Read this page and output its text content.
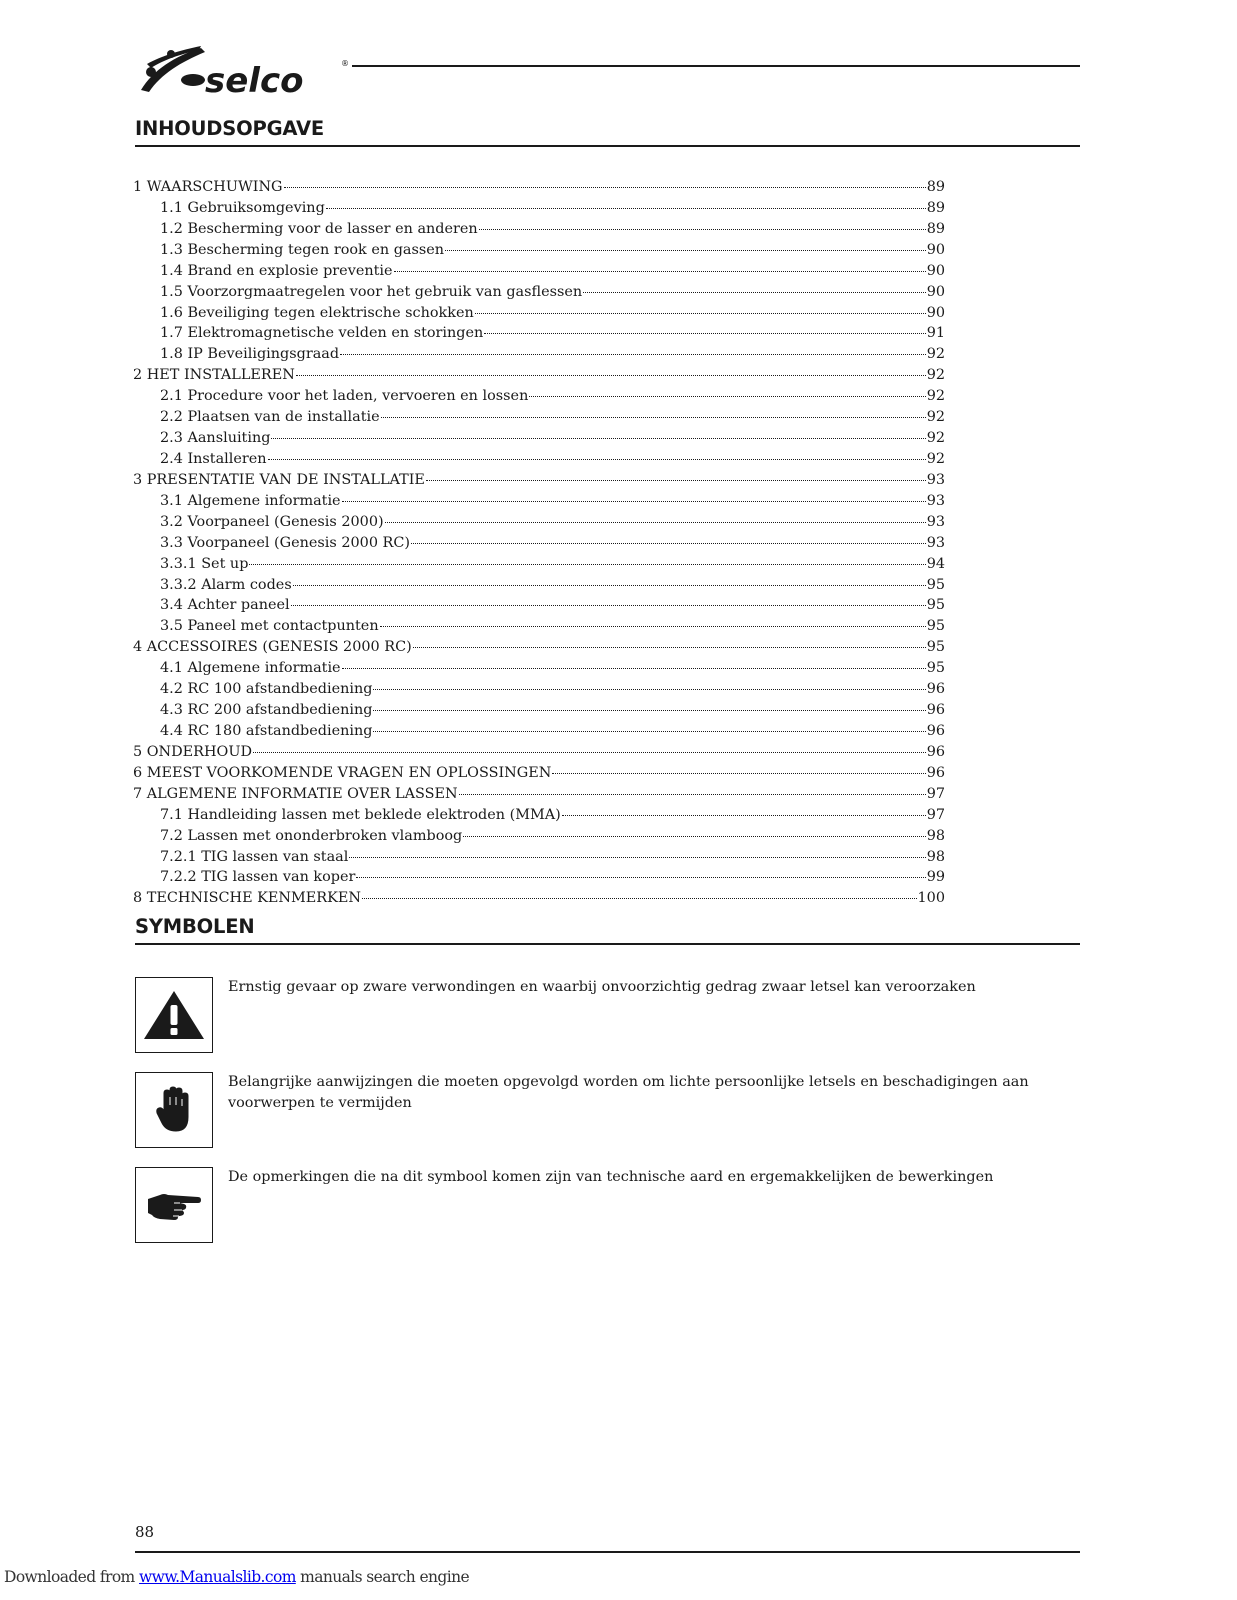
selco	®
INHOUDSOPGAVE
1 WAARSCHUWING	89
1.1 Gebruiksomgeving	89
1.2 Bescherming voor de lasser en anderen	89
1.3 Bescherming tegen rook en gassen	90
1.4 Brand en explosie preventie	90
1.5 Voorzorgmaatregelen voor het gebruik van gasflessen	90
1.6 Beveiliging tegen elektrische schokken	90
1.7 Elektromagnetische velden en storingen	91
1.8 IP Beveiligingsgraad	92
2 HET INSTALLEREN	92
2.1 Procedure voor het laden, vervoeren en lossen	92
2.2 Plaatsen van de installatie	92
2.3 Aansluiting	92
2.4 Installeren	92
3 PRESENTATIE VAN DE INSTALLATIE	93
3.1 Algemene informatie	93
3.2 Voorpaneel (Genesis 2000)	93
3.3 Voorpaneel (Genesis 2000 RC)	93
3.3.1 Set up	94
3.3.2 Alarm codes	95
3.4 Achter paneel	95
3.5 Paneel met contactpunten	95
4 ACCESSOIRES (GENESIS 2000 RC)	95
4.1 Algemene informatie	95
4.2 RC 100 afstandbediening	96
4.3 RC 200 afstandbediening	96
4.4 RC 180 afstandbediening	96
5 ONDERHOUD	96
6 MEEST VOORKOMENDE VRAGEN EN OPLOSSINGEN	96
7 ALGEMENE INFORMATIE OVER LASSEN	97
7.1 Handleiding lassen met beklede elektroden (MMA)	97
7.2 Lassen met ononderbroken vlamboog	98
7.2.1 TIG lassen van staal	98
7.2.2 TIG lassen van koper	99
8 TECHNISCHE KENMERKEN	100
SYMBOLEN
Ernstig gevaar op zware verwondingen en waarbij onvoorzichtig gedrag zwaar letsel kan veroorzaken
Belangrijke aanwijzingen die moeten opgevolgd worden om lichte persoonlijke letsels en beschadigingen aan voorwerpen te vermijden
De opmerkingen die na dit symbool komen zijn van technische aard en ergemakkelijken de bewerkingen
88
Downloaded from www.Manualslib.com manuals search engine
